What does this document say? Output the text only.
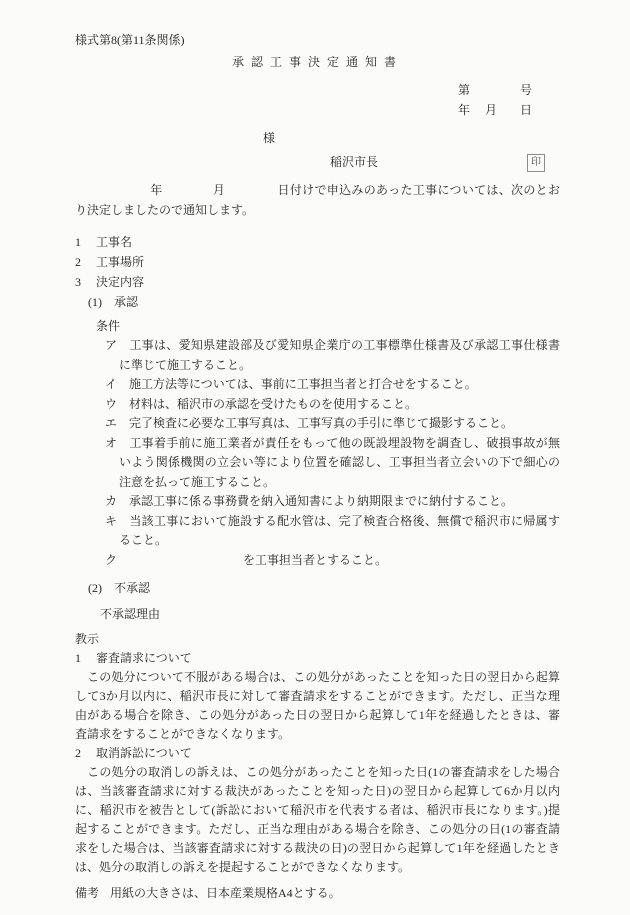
様式第8(第11条関係)
承認工事決定通知書
第	号
年 月 日
様
稲沢市長	印
年	月	日付けで申込みのあった工事については、次のとお
り決定しましたので通知します。
1 工事名
2 工事場所
3 決定内容
(1)　承認
条件
ア 工事は、愛知県建設部及び愛知県企業庁の工事標準仕様書及び承認工事仕様書
に準じて施工すること。
イ 施工方法等については、事前に工事担当者と打合せをすること。
ウ 材料は、稲沢市の承認を受けたものを使用すること。
エ 完了検査に必要な工事写真は、工事写真の手引に準じて撮影すること。
オ 工事着手前に施工業者が責任をもって他の既設埋設物を調査し、破損事故が無
いよう関係機関の立会い等により位置を確認し、工事担当者立会いの下で細心の
注意を払って施工すること。
カ 承認工事に係る事務費を納入通知書により納期限までに納付すること。
キ 当該工事において施設する配水管は、完了検査合格後、無償で稲沢市に帰属す
ること。
ク	を工事担当者とすること。
(2)　不承認
不承認理由
教示
1 審査請求について
　この処分について不服がある場合は、この処分があったことを知った日の翌日から起算
して3か月以内に、稲沢市長に対して審査請求をすることができます。ただし、正当な理
由がある場合を除き、この処分があった日の翌日から起算して1年を経過したときは、審
査請求をすることができなくなります。
2 取消訴訟について
　この処分の取消しの訴えは、この処分があったことを知った日(1の審査請求をした場合
は、当該審査請求に対する裁決があったことを知った日)の翌日から起算して6か月以内
に、稲沢市を被告として(訴訟において稲沢市を代表する者は、稲沢市長になります。)提
起することができます。ただし、正当な理由がある場合を除き、この処分の日(1の審査請
求をした場合は、当該審査請求に対する裁決の日)の翌日から起算して1年を経過したとき
は、処分の取消しの訴えを提起することができなくなります。
備考 用紙の大きさは、日本産業規格A4とする。
